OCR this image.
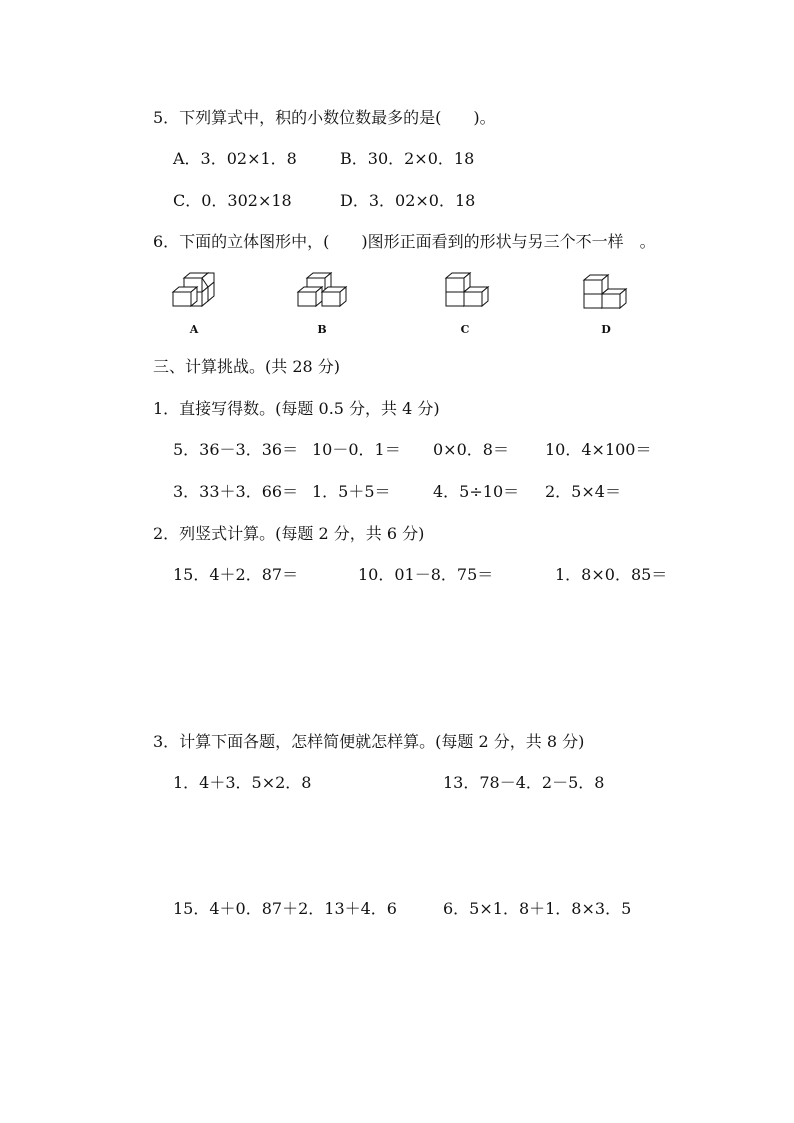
5．下列算式中，积的小数位数最多的是(　　)。
A．3．02×1．8	B．30．2×0．18
C．0．302×18	D．3．02×0．18
6．下面的立体图形中，(　　)图形正面看到的形状与另三个不一样　。
A	B	C	D
三、计算挑战。(共 28 分)
1．直接写得数。(每题 0.5 分，共 4 分)
5．36－3．36＝ 10－0．1＝ 0×0．8＝ 10．4×100＝
3．33＋3．66＝ 1．5＋5＝	4．5÷10＝ 2．5×4＝
2．列竖式计算。(每题 2 分，共 6 分)
15．4＋2．87＝	10．01－8．75＝	1．8×0．85＝
3．计算下面各题，怎样简便就怎样算。(每题 2 分，共 8 分)
1．4＋3．5×2．8	13．78－4．2－5．8
15．4＋0．87＋2．13＋4．6	6．5×1．8＋1．8×3．5
